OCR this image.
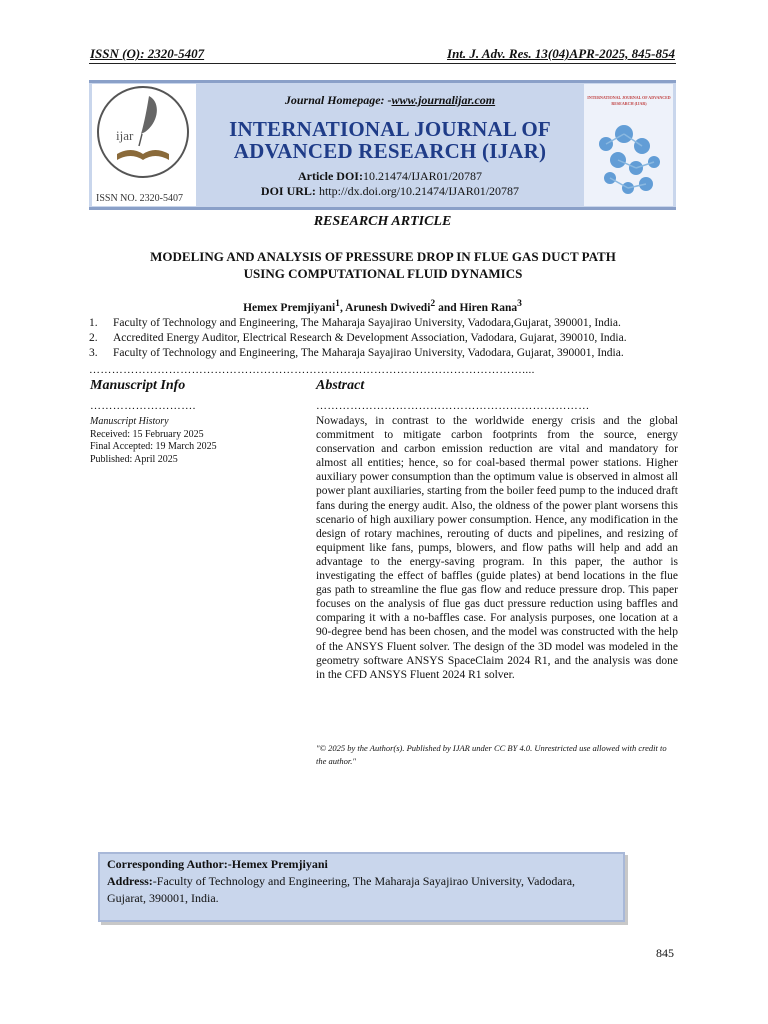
ISSN (O): 2320-5407	Int. J. Adv. Res. 13(04)APR-2025, 845-854
ijar
ISSN NO. 2320-5407
Journal Homepage: -www.journalijar.com
INTERNATIONAL JOURNAL OF
ADVANCED RESEARCH (IJAR)
Article DOI:10.21474/IJAR01/20787
DOI URL: http://dx.doi.org/10.21474/IJAR01/20787
INTERNATIONAL JOURNAL OF ADVANCED RESEARCH (IJAR)
RESEARCH ARTICLE
MODELING AND ANALYSIS OF PRESSURE DROP IN FLUE GAS DUCT PATH
USING COMPUTATIONAL FLUID DYNAMICS
Hemex Premjiyani$^1$, Arunesh Dwivedi$^2$ and Hiren Rana$^3$
1. Faculty of Technology and Engineering, The Maharaja Sayajirao University, Vadodara,Gujarat, 390001, India.
2. Accredited Energy Auditor, Electrical Research & Development Association, Vadodara, Gujarat, 390010, India.
3. Faculty of Technology and Engineering, The Maharaja Sayajirao University, Vadodara, Gujarat, 390001, India.
……………………………………………………………………………………………………....
Manuscript Info
……………………….
Manuscript History
Received: 15 February 2025
Final Accepted: 19 March 2025
Published: April 2025
Abstract
………………………………………………………………
Nowadays, in contrast to the worldwide energy crisis and the global commitment to mitigate carbon footprints from the source, energy conservation and carbon emission reduction are vital and mandatory for almost all entities; hence, so for coal-based thermal power stations. Higher auxiliary power consumption than the optimum value is observed in almost all power plant auxiliaries, starting from the boiler feed pump to the induced draft fans during the energy audit. Also, the oldness of the power plant worsens this scenario of high auxiliary power consumption. Hence, any modification in the design of rotary machines, rerouting of ducts and pipelines, and resizing of equipment like fans, pumps, blowers, and flow paths will help and add an advantage to the energy-saving program. In this paper, the author is investigating the effect of baffles (guide plates) at bend locations in the flue gas path to streamline the flue gas flow and reduce pressure drop. This paper focuses on the analysis of flue gas duct pressure reduction using baffles and comparing it with a no-baffles case. For analysis purposes, one location at a 90-degree bend has been chosen, and the model was constructed with the help of the ANSYS Fluent solver. The design of the 3D model was modeled in the geometry software ANSYS SpaceClaim 2024 R1, and the analysis was done in the CFD ANSYS Fluent 2024 R1 solver.
"© 2025 by the Author(s). Published by IJAR under CC BY 4.0. Unrestricted use allowed with credit to the author."
Corresponding Author:-Hemex Premjiyani
Address:-Faculty of Technology and Engineering, The Maharaja Sayajirao University, Vadodara, Gujarat, 390001, India.
845
